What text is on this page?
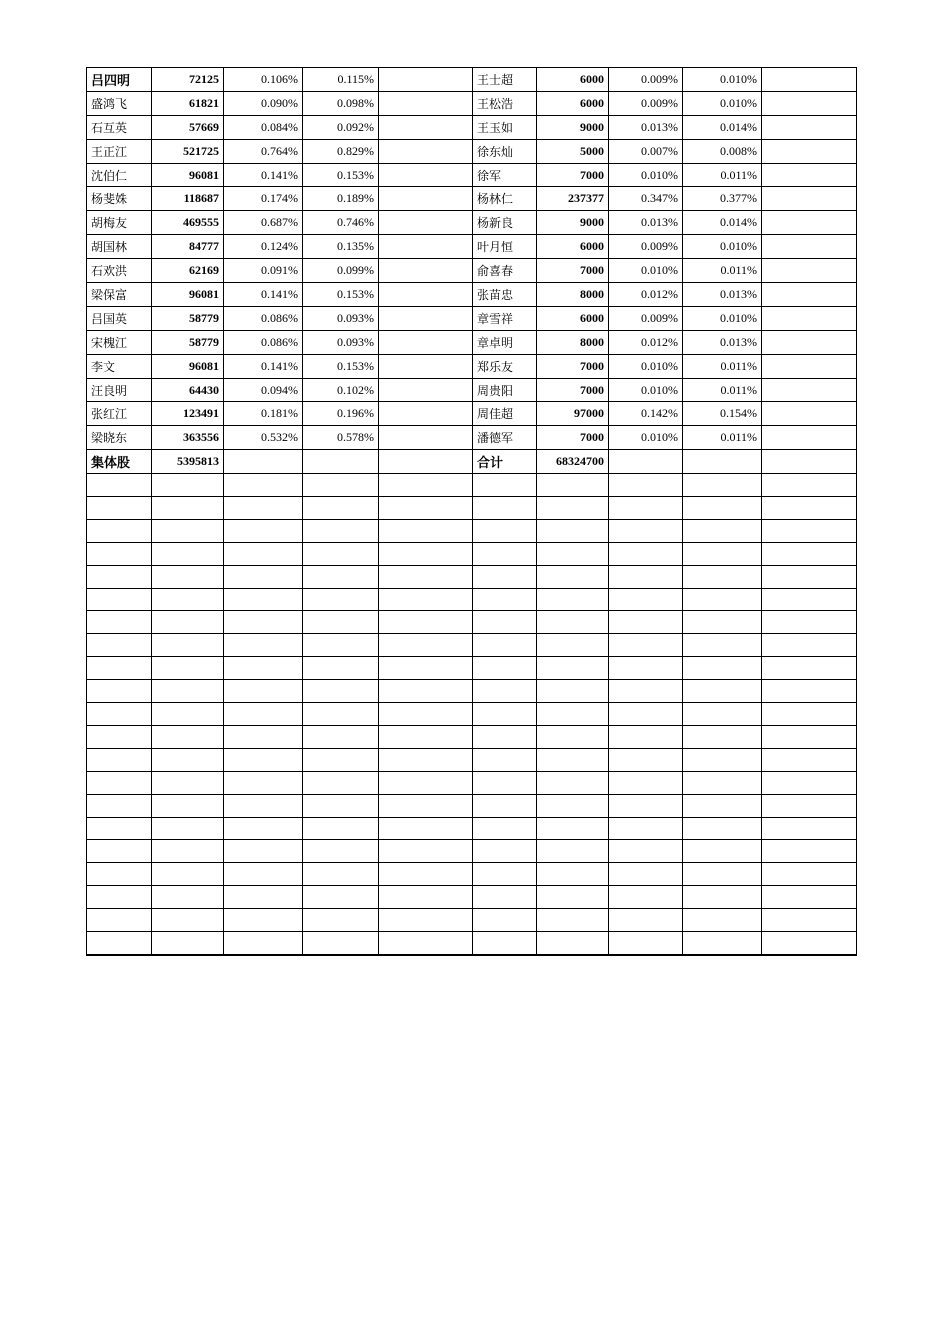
吕四明	72125	0.106%	0.115%		王士超	6000	0.009%	0.010%	
盛鸿飞	61821	0.090%	0.098%		王松浩	6000	0.009%	0.010%	
石互英	57669	0.084%	0.092%		王玉如	9000	0.013%	0.014%	
王正江	521725	0.764%	0.829%		徐东灿	5000	0.007%	0.008%	
沈伯仁	96081	0.141%	0.153%		徐军	7000	0.010%	0.011%	
杨斐姝	118687	0.174%	0.189%		杨林仁	237377	0.347%	0.377%	
胡梅友	469555	0.687%	0.746%		杨新良	9000	0.013%	0.014%	
胡国林	84777	0.124%	0.135%		叶月恒	6000	0.009%	0.010%	
石欢洪	62169	0.091%	0.099%		俞喜春	7000	0.010%	0.011%	
梁保富	96081	0.141%	0.153%		张苗忠	8000	0.012%	0.013%	
吕国英	58779	0.086%	0.093%		章雪祥	6000	0.009%	0.010%	
宋槐江	58779	0.086%	0.093%		章卓明	8000	0.012%	0.013%	
李文	96081	0.141%	0.153%		郑乐友	7000	0.010%	0.011%	
汪良明	64430	0.094%	0.102%		周贵阳	7000	0.010%	0.011%	
张红江	123491	0.181%	0.196%		周佳超	97000	0.142%	0.154%	
梁晓东	363556	0.532%	0.578%		潘德军	7000	0.010%	0.011%	
集体股	5395813				合计	68324700			
